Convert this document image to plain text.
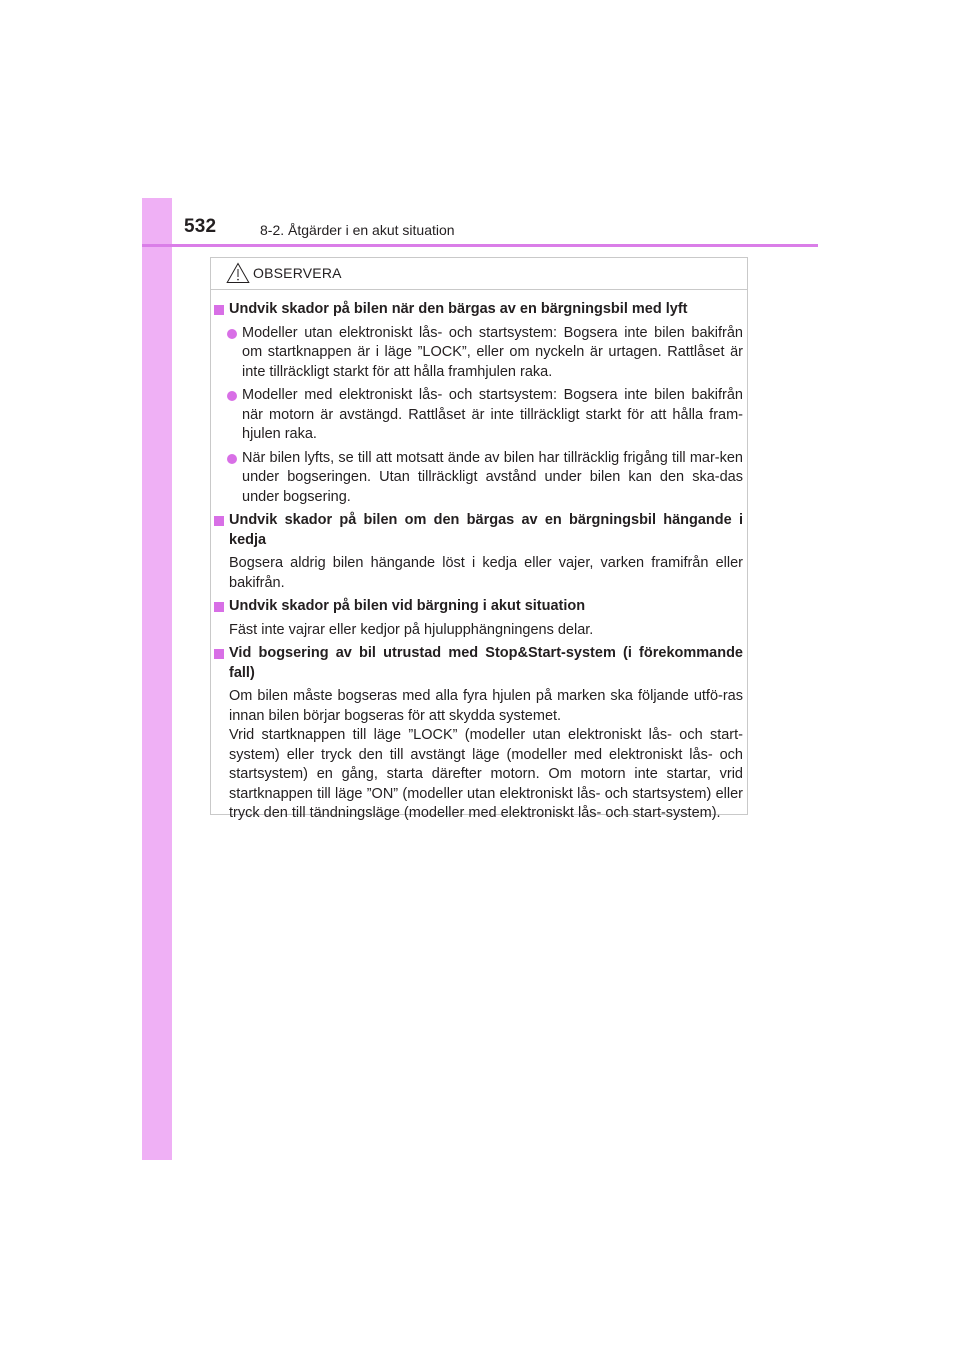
532	8-2. Åtgärder i en akut situation
OBSERVERA
Undvik skador på bilen när den bärgas av en bärgningsbil med lyft
Modeller utan elektroniskt lås- och startsystem: Bogsera inte bilen bakifrån om startknappen är i läge ”LOCK”, eller om nyckeln är urtagen. Rattlåset är inte tillräckligt starkt för att hålla framhjulen raka.
Modeller med elektroniskt lås- och startsystem: Bogsera inte bilen bakifrån när motorn är avstängd. Rattlåset är inte tillräckligt starkt för att hålla fram-hjulen raka.
När bilen lyfts, se till att motsatt ände av bilen har tillräcklig frigång till mar-ken under bogseringen. Utan tillräckligt avstånd under bilen kan den ska-das under bogsering.
Undvik skador på bilen om den bärgas av en bärgningsbil hängande i kedja
Bogsera aldrig bilen hängande löst i kedja eller vajer, varken framifrån eller bakifrån.
Undvik skador på bilen vid bärgning i akut situation
Fäst inte vajrar eller kedjor på hjulupphängningens delar.
Vid bogsering av bil utrustad med Stop&Start-system (i förekommande fall)
Om bilen måste bogseras med alla fyra hjulen på marken ska följande utfö-ras innan bilen börjar bogseras för att skydda systemet.
Vrid startknappen till läge ”LOCK” (modeller utan elektroniskt lås- och start-system) eller tryck den till avstängt läge (modeller med elektroniskt lås- och startsystem) en gång, starta därefter motorn. Om motorn inte startar, vrid startknappen till läge ”ON” (modeller utan elektroniskt lås- och startsystem) eller tryck den till tändningsläge (modeller med elektroniskt lås- och start-system).
